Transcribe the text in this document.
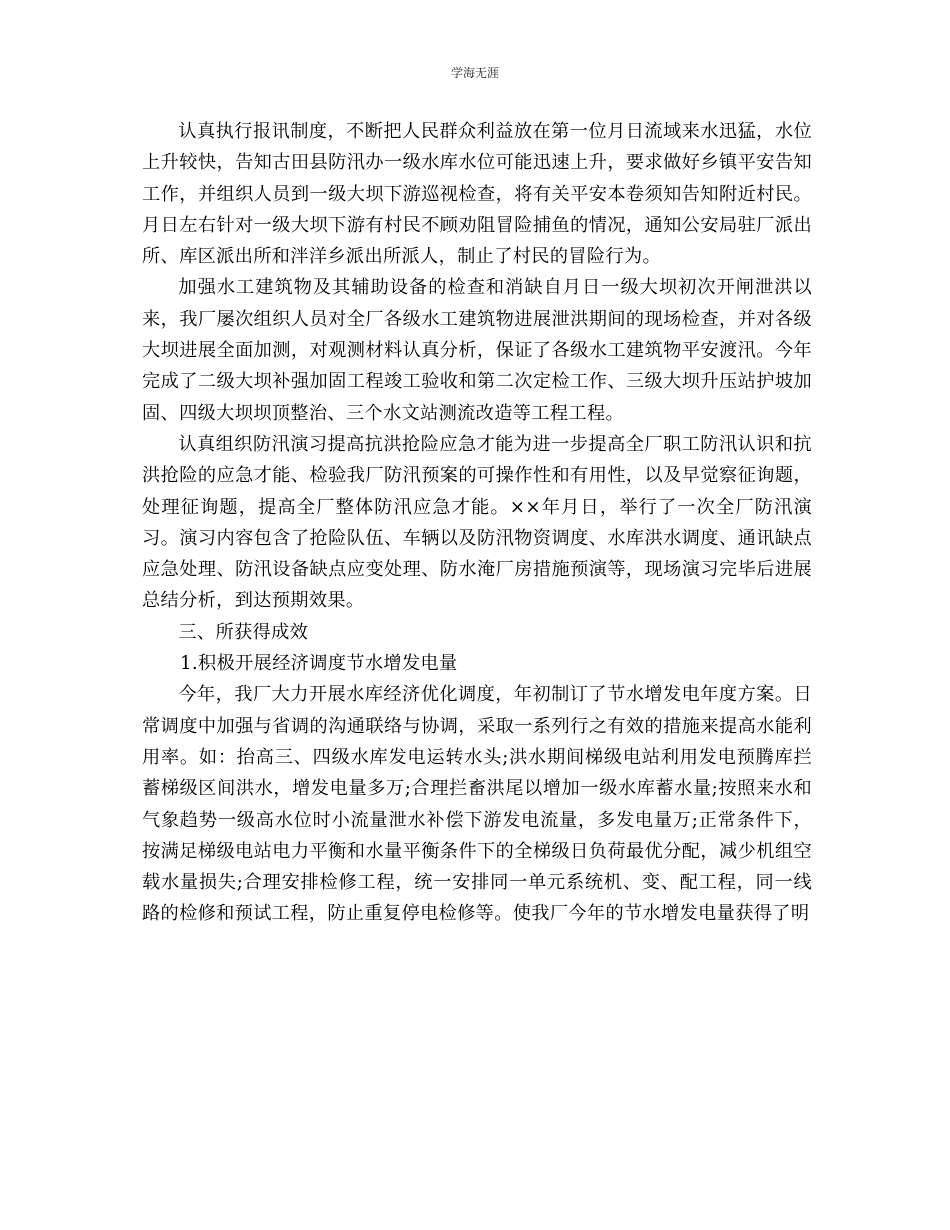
学海无涯

认真执行报讯制度，不断把人民群众利益放在第一位月日流域来水迅猛，水位上升较快，告知古田县防汛办一级水库水位可能迅速上升，要求做好乡镇平安告知工作，并组织人员到一级大坝下游巡视检查，将有关平安本卷须知告知附近村民。月日左右针对一级大坝下游有村民不顾劝阻冒险捕鱼的情况，通知公安局驻厂派出所、库区派出所和泮洋乡派出所派人，制止了村民的冒险行为。

加强水工建筑物及其辅助设备的检查和消缺自月日一级大坝初次开闸泄洪以来，我厂屡次组织人员对全厂各级水工建筑物进展泄洪期间的现场检查，并对各级大坝进展全面加测，对观测材料认真分析，保证了各级水工建筑物平安渡汛。今年完成了二级大坝补强加固工程竣工验收和第二次定检工作、三级大坝升压站护坡加固、四级大坝坝顶整治、三个水文站测流改造等工程工程。

认真组织防汛演习提高抗洪抢险应急才能为进一步提高全厂职工防汛认识和抗洪抢险的应急才能、检验我厂防汛预案的可操作性和有用性，以及早觉察征询题，处理征询题，提高全厂整体防汛应急才能。××年月日，举行了一次全厂防汛演习。演习内容包含了抢险队伍、车辆以及防汛物资调度、水库洪水调度、通讯缺点应急处理、防汛设备缺点应变处理、防水淹厂房措施预演等，现场演习完毕后进展总结分析，到达预期效果。

三、所获得成效

1.积极开展经济调度节水增发电量

今年，我厂大力开展水库经济优化调度，年初制订了节水增发电年度方案。日常调度中加强与省调的沟通联络与协调，采取一系列行之有效的措施来提高水能利用率。如：抬高三、四级水库发电运转水头;洪水期间梯级电站利用发电预腾库拦蓄梯级区间洪水，增发电量多万;合理拦畜洪尾以增加一级水库蓄水量;按照来水和气象趋势一级高水位时小流量泄水补偿下游发电流量，多发电量万;正常条件下，按满足梯级电站电力平衡和水量平衡条件下的全梯级日负荷最优分配，减少机组空载水量损失;合理安排检修工程，统一安排同一单元系统机、变、配工程，同一线路的检修和预试工程，防止重复停电检修等。使我厂今年的节水增发电量获得了明
